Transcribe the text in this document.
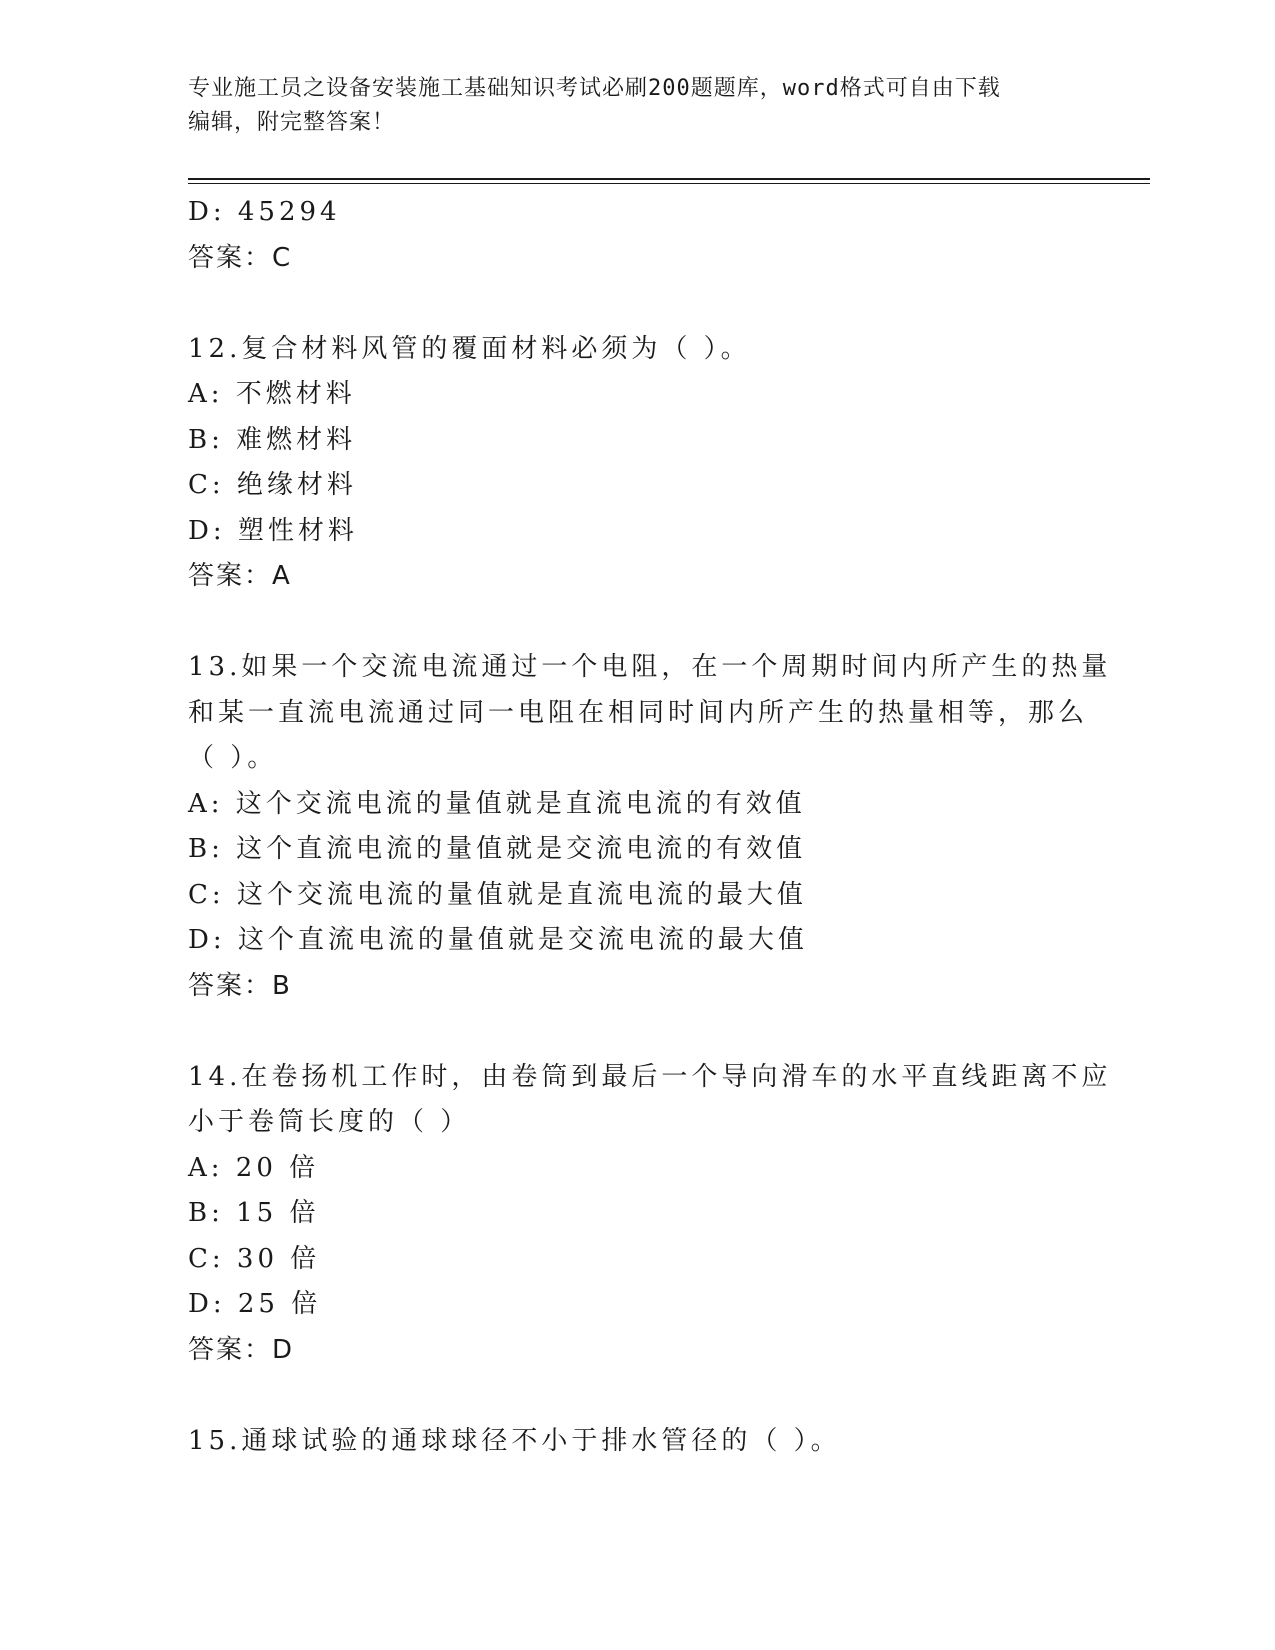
专业施工员之设备安装施工基础知识考试必刷200题题库，word格式可自由下载
编辑，附完整答案！
D: 45294
答案：C
12.复合材料风管的覆面材料必须为（ ）。
A: 不燃材料
B: 难燃材料
C: 绝缘材料
D: 塑性材料
答案：A
13.如果一个交流电流通过一个电阻，在一个周期时间内所产生的热量
和某一直流电流通过同一电阻在相同时间内所产生的热量相等，那么
（ ）。
A: 这个交流电流的量值就是直流电流的有效值
B: 这个直流电流的量值就是交流电流的有效值
C: 这个交流电流的量值就是直流电流的最大值
D: 这个直流电流的量值就是交流电流的最大值
答案：B
14.在卷扬机工作时，由卷筒到最后一个导向滑车的水平直线距离不应
小于卷筒长度的（ ）
A: 20 倍
B: 15 倍
C: 30 倍
D: 25 倍
答案：D
15.通球试验的通球球径不小于排水管径的（ ）。
